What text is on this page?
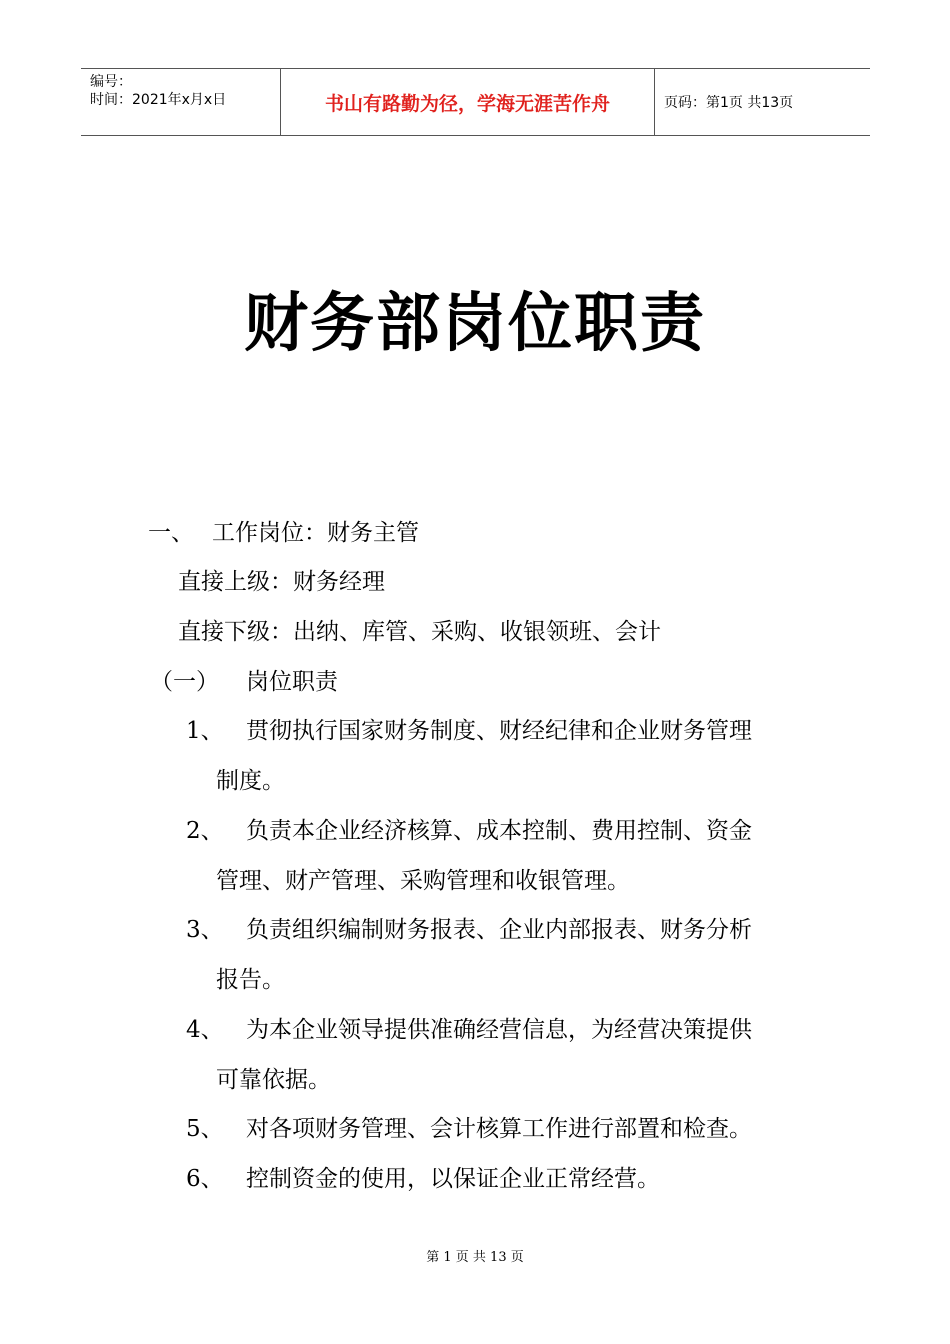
编号：
时间：2021年x月x日	书山有路勤为径，学海无涯苦作舟	页码：第1页 共13页
财务部岗位职责
一、 工作岗位：财务主管
直接上级：财务经理
直接下级：出纳、库管、采购、收银领班、会计
（一） 岗位职责
1、 贯彻执行国家财务制度、财经纪律和企业财务管理
制度。
2、 负责本企业经济核算、成本控制、费用控制、资金
管理、财产管理、采购管理和收银管理。
3、 负责组织编制财务报表、企业内部报表、财务分析
报告。
4、 为本企业领导提供准确经营信息，为经营决策提供
可靠依据。
5、 对各项财务管理、会计核算工作进行部置和检查。
6、 控制资金的使用，以保证企业正常经营。
第 1 页 共 13 页
